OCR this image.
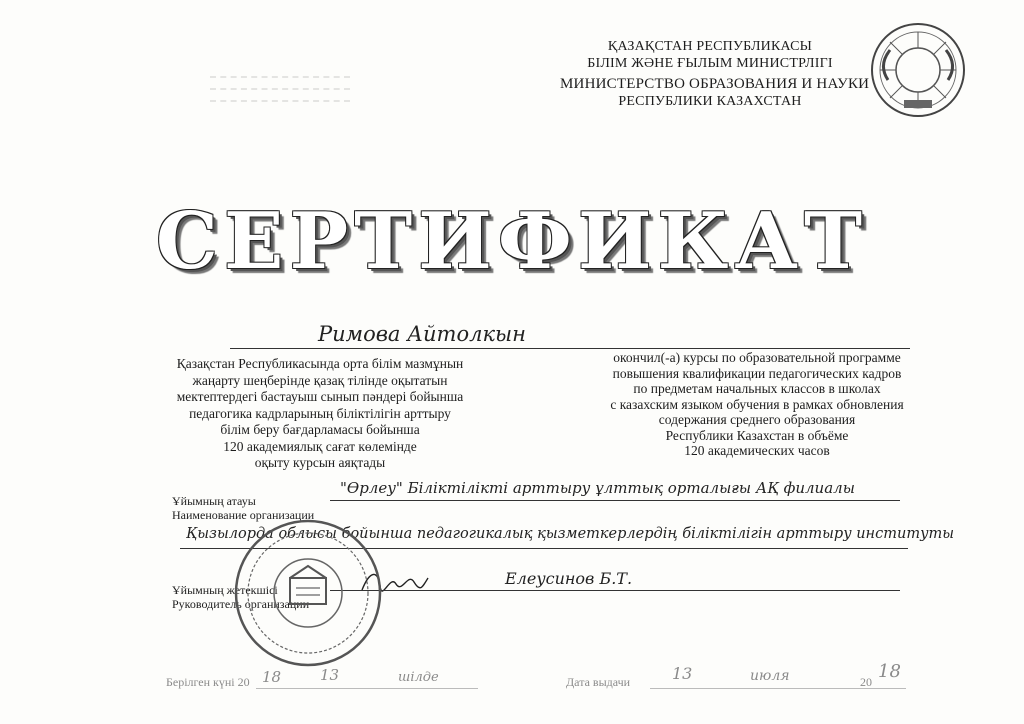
ҚАЗАҚСТАН РЕСПУБЛИКАСЫ
БІЛІМ ЖӘНЕ ҒЫЛЫМ МИНИСТРЛІГІ
МИНИСТЕРСТВО ОБРАЗОВАНИЯ И НАУКИ
РЕСПУБЛИКИ КАЗАХСТАН
СЕРТИФИКАТ
Римова Айтолкын
Қазақстан Республикасында орта білім мазмұнын
жаңарту шеңберінде қазақ тілінде оқытатын
мектептердегі бастауыш сынып пәндері бойынша
педагогика кадрларының біліктілігін арттыру
білім беру бағдарламасы бойынша
120 академиялық сағат көлемінде
оқыту курсын аяқтады
окончил(-а) курсы по образовательной программе
повышения квалификации педагогических кадров
по предметам начальных классов в школах
с казахским языком обучения в рамках обновления
содержания среднего образования
Республики Казахстан в объёме
120 академических часов
Ұйымның атауы
Наименование организации
"Өрлеу" Біліктілікті арттыру ұлттық орталығы АҚ филиалы
Қызылорда облысы бойынша педагогикалық қызметкерлердің біліктілігін арттыру институты
Ұйымның жетекшісі
Руководитель организации
Елеусинов Б.Т.
Берілген күні 20 18	13	шілде	Дата выдачи	13	июля	20 18
